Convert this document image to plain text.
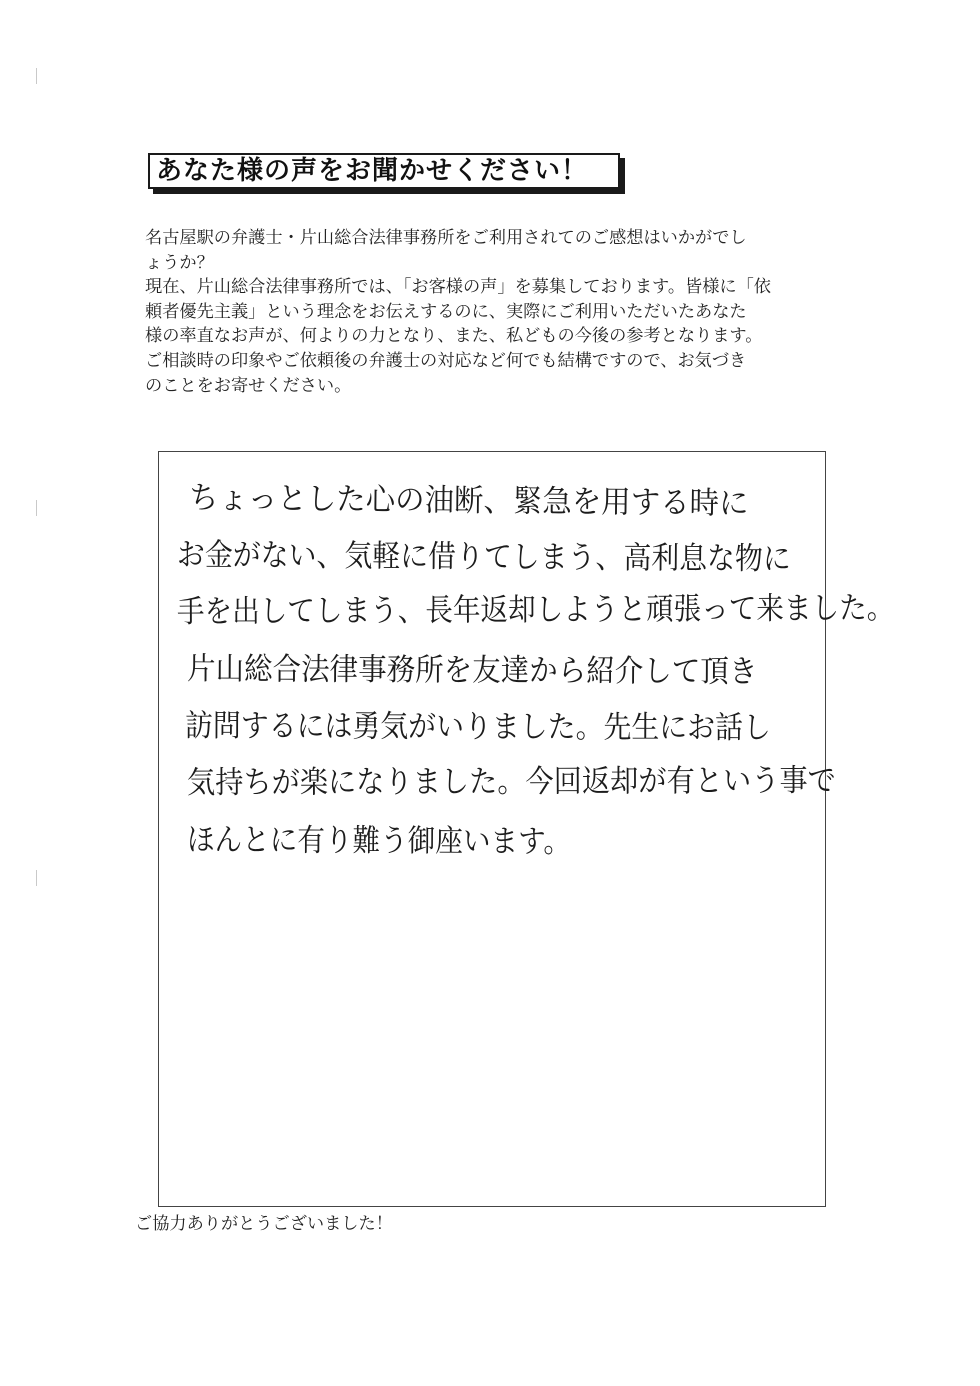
あなた様の声をお聞かせください！

名古屋駅の弁護士・片山総合法律事務所をご利用されてのご感想はいかがでし

ょうか？

現在、片山総合法律事務所では、「お客様の声」を募集しております。皆様に「依

頼者優先主義」という理念をお伝えするのに、実際にご利用いただいたあなた

様の率直なお声が、何よりの力となり、また、私どもの今後の参考となります。

ご相談時の印象やご依頼後の弁護士の対応など何でも結構ですので、お気づき

のことをお寄せください。

ちょっとした心の油断、緊急を用する時に
お金がない、気軽に借りてしまう、高利息な物に
手を出してしまう、長年返却しようと頑張って来ました。
片山総合法律事務所を友達から紹介して頂き
訪問するには勇気がいりました。先生にお話し
気持ちが楽になりました。今回返却が有という事で
ほんとに有り難う御座います。
ご協力ありがとうございました！
